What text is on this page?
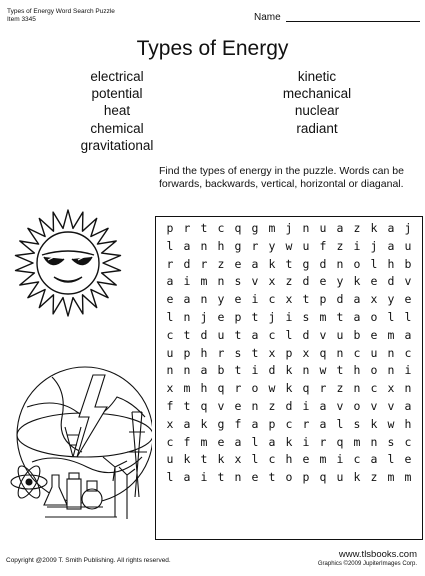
Types of Energy Word Search Puzzle
Item 3345	Name
Types of Energy
electrical
potential
heat
chemical
gravitational
kinetic
mechanical
nuclear
radiant
Find the types of energy in the puzzle. Words can be forwards, backwards, vertical, horizontal or diaganal.
p r t c q g m j n u a z k a j
l a n h g r y w u f z i j a u
r d r z e a k t g d n o l h b
a i m n s v x z d e y k e d v
e a n y e i c x t p d a x y e
l n j e p t j i s m t a o l l
c t d u t a c l d v u b e m a
u p h r s t x p x q n c u n c
n n a b t i d k n w t h o n i
x m h q r o w k q r z n c x n
f t q v e n z d i a v o v v a
x a k g f a p c r a l s k w h
c f m e a l a k i r q m n s c
u k t k x l c h e m i c a l e
l a i t n e t o p q u k z m m
Copyright @2009 T. Smith Publishing. All rights reserved.
www.tlsbooks.com
Graphics ©2009 JupiterImages Corp.
